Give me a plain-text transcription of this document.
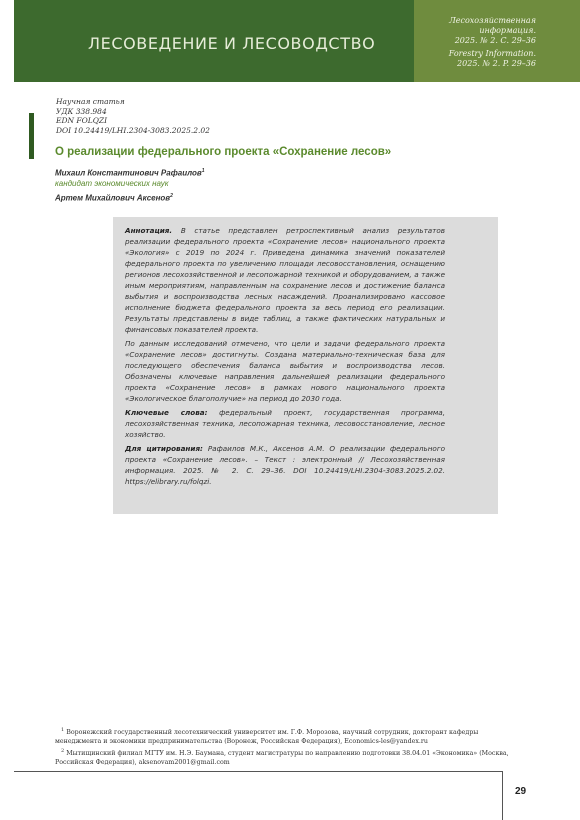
ЛЕСОВЕДЕНИЕ И ЛЕСОВОДСТВО
Лесохозяйственная информация.
2025. № 2. С. 29–36
Forestry Information.
2025. № 2. P. 29–36
Научная статья
УДК 338.984
EDN FOLQZI
DOI 10.24419/LHI.2304-3083.2025.2.02
О реализации федерального проекта «Сохранение лесов»
Михаил Константинович Рафаилов$^1$
кандидат экономических наук
Артем Михайлович Аксенов$^2$

Аннотация. В статье представлен ретроспективный анализ результатов реализации федерального проекта «Сохранение лесов» национального проекта «Экология» с 2019 по 2024 г. Приведена динамика значений показателей федерального проекта по увеличению площади лесовосстановления, оснащению регионов лесохозяйственной и лесопожарной техникой и оборудованием, а также иным мероприятиям, направленным на сохранение лесов и достижение баланса выбытия и воспроизводства лесных насаждений. Проанализировано кассовое исполнение бюджета федерального проекта за весь период его реализации. Результаты представлены в виде таблиц, а также фактических натуральных и финансовых показателей проекта.

По данным исследований отмечено, что цели и задачи федерального проекта «Сохранение лесов» достигнуты. Создана материально-техническая база для последующего обеспечения баланса выбытия и воспроизводства лесов. Обозначены ключевые направления дальнейшей реализации федерального проекта «Сохранение лесов» в рамках нового национального проекта «Экологическое благополучие» на период до 2030 года.

Ключевые слова: федеральный проект, государственная программа, лесохозяйственная техника, лесопожарная техника, лесовосстановление, лесное хозяйство.

Для цитирования: Рафаилов М.К., Аксенов А.М. О реализации федерального проекта «Сохранение лесов». – Текст : электронный // Лесохозяйственная информация. 2025. № 2. С. 29–36. DOI 10.24419/LHI.2304-3083.2025.2.02. https://elibrary.ru/folqzi.

$^1$ Воронежский государственный лесотехнический университет им. Г.Ф. Морозова, научный сотрудник, докторант кафедры менеджмента и экономики предпринимательства (Воронеж, Российская Федерация), Economics-les@yandex.ru

$^2$ Мытищинский филиал МГТУ им. Н.Э. Баумана, студент магистратуры по направлению подготовки 38.04.01 «Экономика» (Москва, Российская Федерация), aksenovam2001@gmail.com

29
